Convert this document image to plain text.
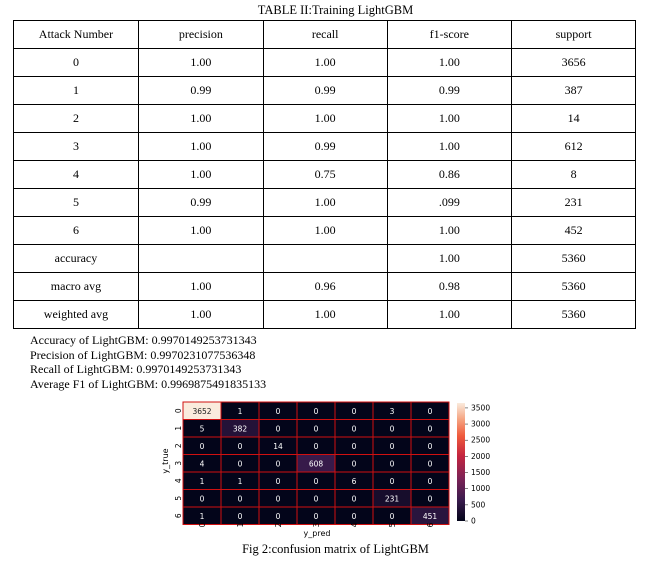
TABLE II:Training LightGBM
Attack Number	precision	recall	f1-score	support
0	1.00	1.00	1.00	3656
1	0.99	0.99	0.99	387
2	1.00	1.00	1.00	14
3	1.00	0.99	1.00	612
4	1.00	0.75	0.86	8
5	0.99	1.00	.099	231
6	1.00	1.00	1.00	452
accuracy			1.00	5360
macro avg	1.00	0.96	0.98	5360
weighted avg	1.00	1.00	1.00	5360
Accuracy of LightGBM: 0.9970149253731343
Precision of LightGBM: 0.9970231077536348
Recall of LightGBM: 0.9970149253731343
Average F1 of LightGBM: 0.9969875491835133
3652	1	0	0	0	3	0
5	382	0	0	0	0	0
0	0	14	0	0	0	0
4	0	0	608	0	0	0
1	1	0	0	6	0	0
0	0	0	0	0	231	0
1	0	0	0	0	0	451
0	1	2	3	4	5	6
0
1
2
3
4
5
6
y_pred
y_true
0
500
1000
1500
2000
2500
3000
3500
Fig 2:confusion matrix of LightGBM
